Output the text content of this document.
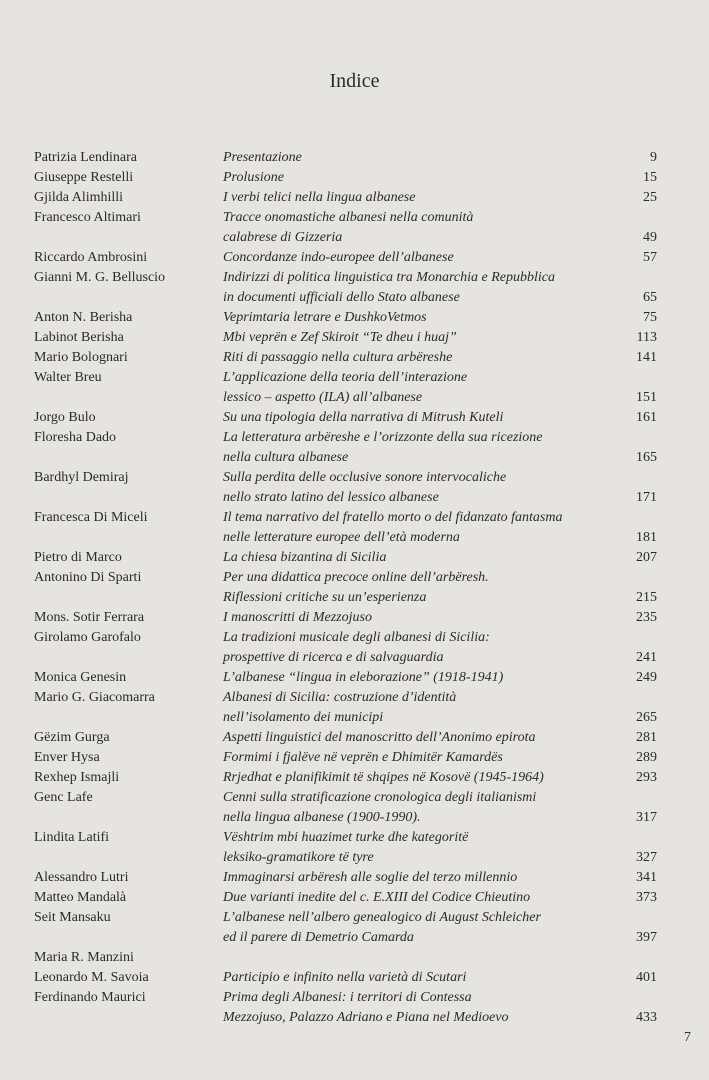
Indice
Patrizia Lendinara	Presentazione	9
Giuseppe Restelli	Prolusione	15
Gjilda Alimhilli	I verbi telici nella lingua albanese	25
Francesco Altimari	Tracce onomastiche albanesi nella comunità
calabrese di Gizzeria	49
Riccardo Ambrosini	Concordanze indo-europee dell’albanese	57
Gianni M. G. Belluscio	Indirizzi di politica linguistica tra Monarchia e Repubblica
in documenti ufficiali dello Stato albanese	65
Anton N. Berisha	Veprimtaria letrare e DushkoVetmos	75
Labinot Berisha	Mbi veprën e Zef Skiroit “Te dheu i huaj”	113
Mario Bolognari	Riti di passaggio nella cultura arbëreshe	141
Walter Breu	L’applicazione della teoria dell’interazione
lessico – aspetto (ILA) all’albanese	151
Jorgo Bulo	Su una tipologia della narrativa di Mitrush Kuteli	161
Floresha Dado	La letteratura arbëreshe e l’orizzonte della sua ricezione
nella cultura albanese	165
Bardhyl Demiraj	Sulla perdita delle occlusive sonore intervocaliche
nello strato latino del lessico albanese	171
Francesca Di Miceli	Il tema narrativo del fratello morto o del fidanzato fantasma
nelle letterature europee dell’età moderna	181
Pietro di Marco	La chiesa bizantina di Sicilia	207
Antonino Di Sparti	Per una didattica precoce online dell’arbëresh.
Riflessioni critiche su un’esperienza	215
Mons. Sotir Ferrara	I manoscritti di Mezzojuso	235
Girolamo Garofalo	La tradizioni musicale degli albanesi di Sicilia:
prospettive di ricerca e di salvaguardia	241
Monica Genesin	L’albanese “lingua in eleborazione” (1918-1941)	249
Mario G. Giacomarra	Albanesi di Sicilia: costruzione d’identità
nell’isolamento dei municipi	265
Gëzim Gurga	Aspetti linguistici del manoscritto dell’Anonimo epirota	281
Enver Hysa	Formimi i fjalëve në veprën e Dhimitër Kamardës	289
Rexhep Ismajli	Rrjedhat e planifikimit të shqipes në Kosovë (1945-1964)	293
Genc Lafe	Cenni sulla stratificazione cronologica degli italianismi
nella lingua albanese (1900-1990).	317
Lindita Latifi	Vështrim mbi huazimet turke dhe kategoritë
leksiko-gramatikore të tyre	327
Alessandro Lutri	Immaginarsi arbëresh alle soglie del terzo millennio	341
Matteo Mandalà	Due varianti inedite del c. E.XIII del Codice Chieutino	373
Seit Mansaku	L’albanese nell’albero genealogico di August Schleicher
ed il parere di Demetrio Camarda	397
Maria R. Manzini
Leonardo M. Savoia	Participio e infinito nella varietà di Scutari	401
Ferdinando Maurici	Prima degli Albanesi: i territori di Contessa
Mezzojuso, Palazzo Adriano e Piana nel Medioevo	433
7
